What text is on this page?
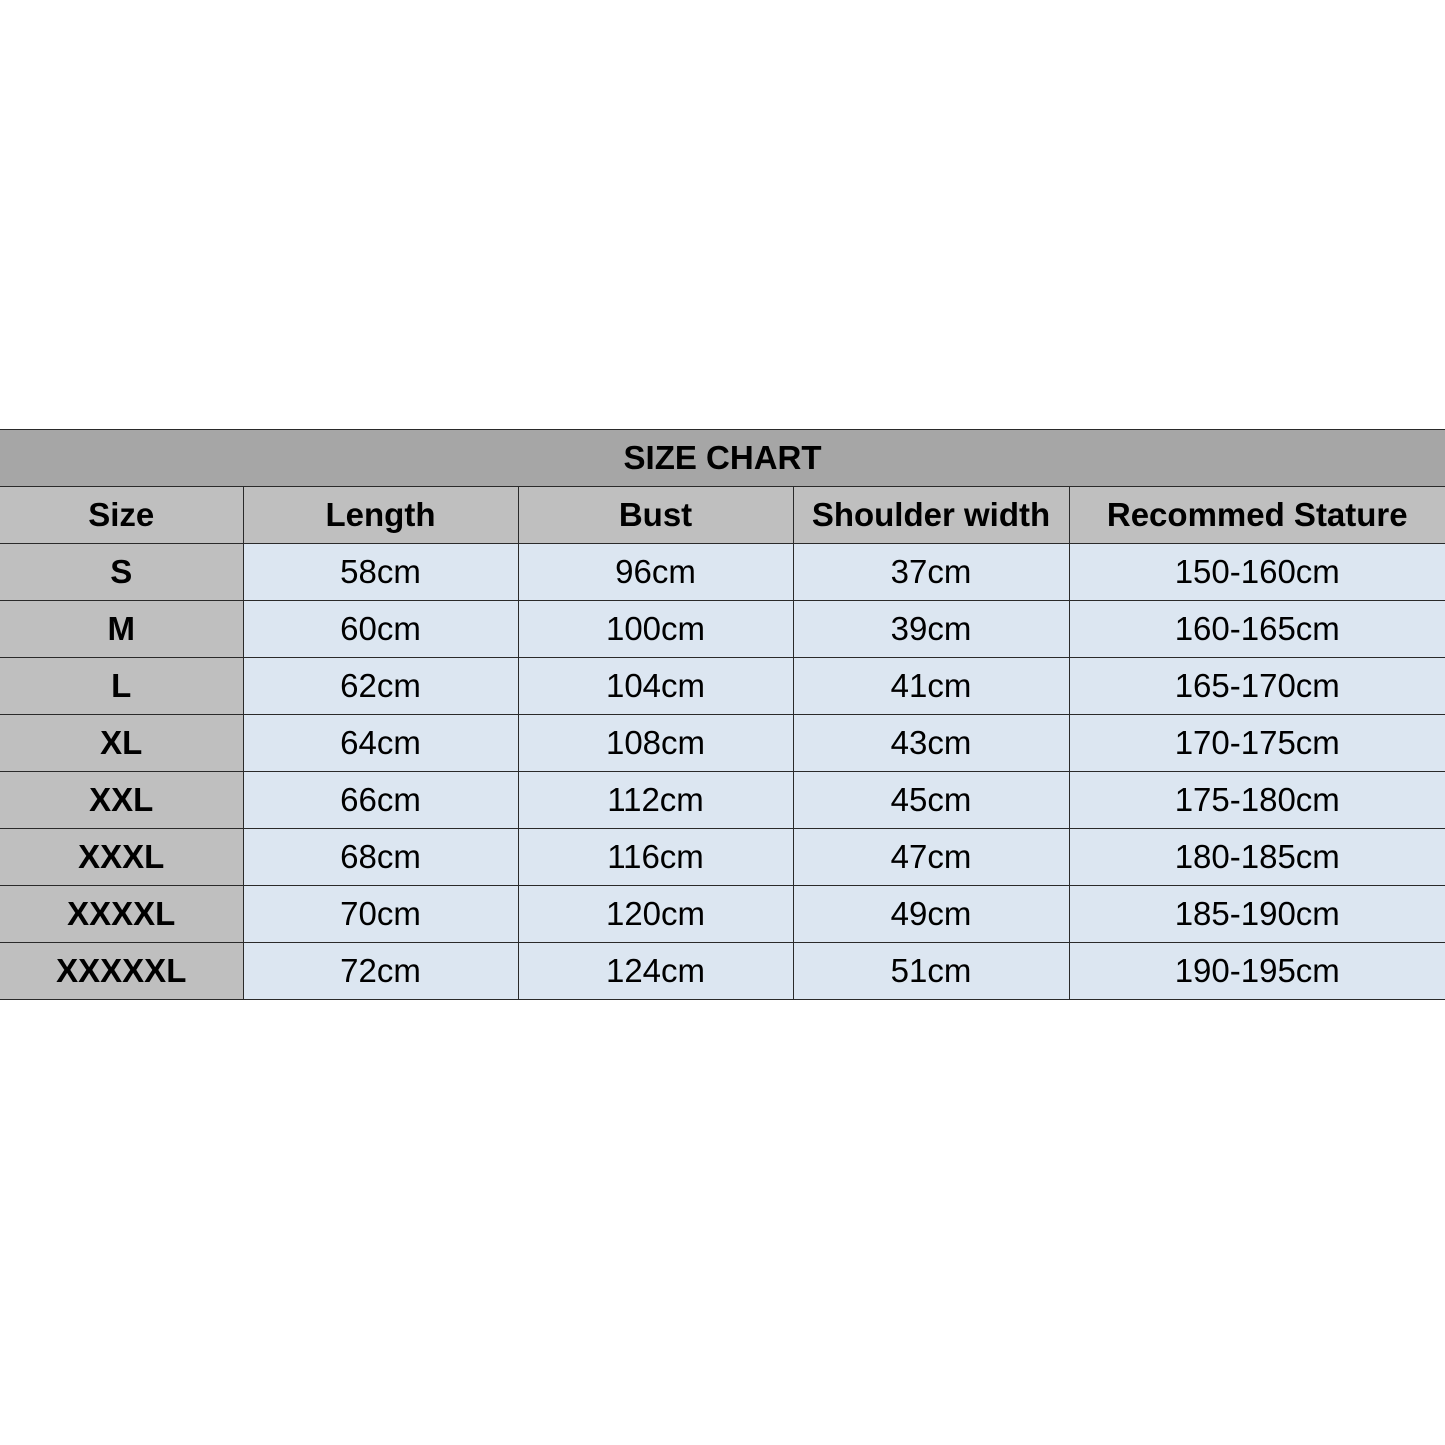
SIZE CHART				
Size	Length	Bust	Shoulder width	Recommed Stature
S	58cm	96cm	37cm	150-160cm
M	60cm	100cm	39cm	160-165cm
L	62cm	104cm	41cm	165-170cm
XL	64cm	108cm	43cm	170-175cm
XXL	66cm	112cm	45cm	175-180cm
XXXL	68cm	116cm	47cm	180-185cm
XXXXL	70cm	120cm	49cm	185-190cm
XXXXXL	72cm	124cm	51cm	190-195cm
